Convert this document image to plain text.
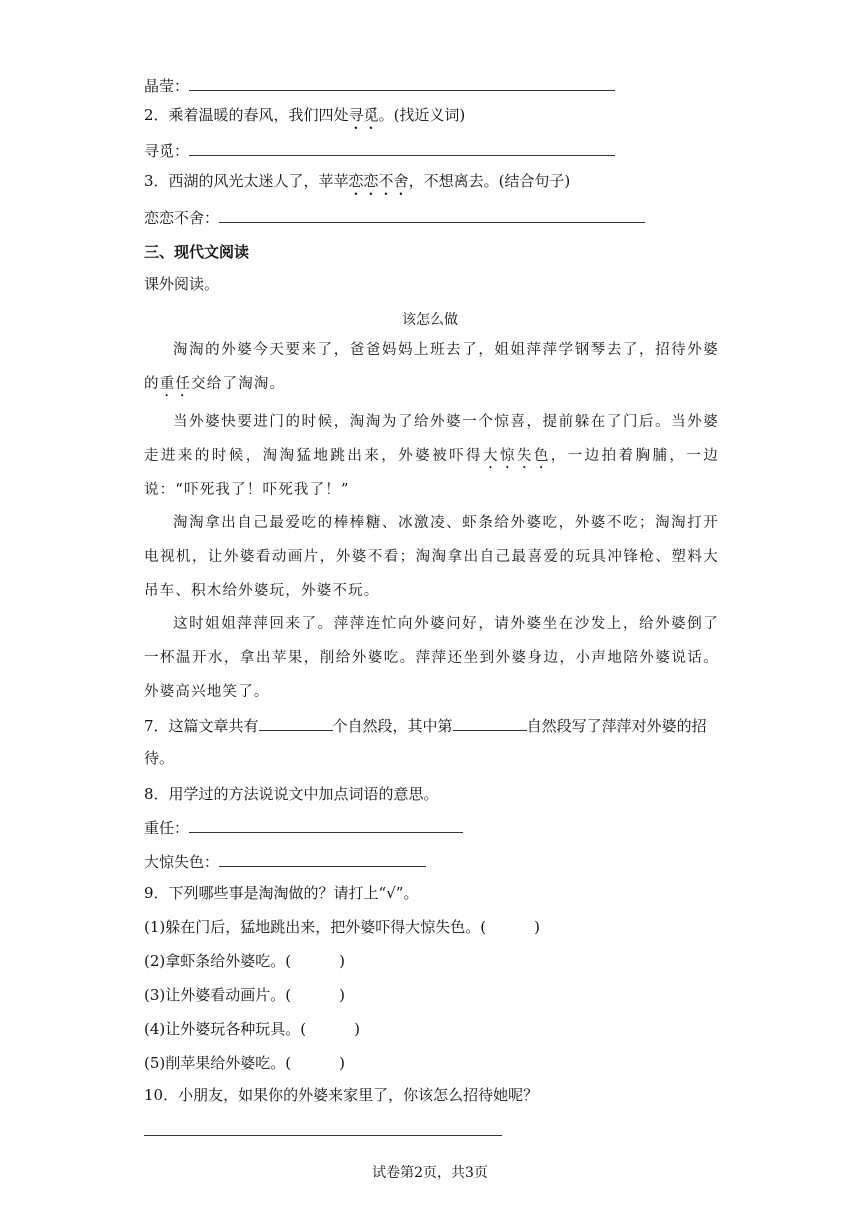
晶莹：
2．乘着温暖的春风，我们四处寻觅。(找近义词)
寻觅：
3．西湖的风光太迷人了，苹苹恋恋不舍，不想离去。(结合句子)
恋恋不舍：
三、现代文阅读
课外阅读。
该怎么做
淘淘的外婆今天要来了，爸爸妈妈上班去了，姐姐萍萍学钢琴去了，招待外婆的重任交给了淘淘。
当外婆快要进门的时候，淘淘为了给外婆一个惊喜，提前躲在了门后。当外婆走进来的时候，淘淘猛地跳出来，外婆被吓得大惊失色，一边拍着胸脯，一边说：“吓死我了！吓死我了！”
淘淘拿出自己最爱吃的棒棒糖、冰激凌、虾条给外婆吃，外婆不吃；淘淘打开电视机，让外婆看动画片，外婆不看；淘淘拿出自己最喜爱的玩具冲锋枪、塑料大吊车、积木给外婆玩，外婆不玩。
这时姐姐萍萍回来了。萍萍连忙向外婆问好，请外婆坐在沙发上，给外婆倒了一杯温开水，拿出苹果，削给外婆吃。萍萍还坐到外婆身边，小声地陪外婆说话。外婆高兴地笑了。
7．这篇文章共有	个自然段，其中第	自然段写了萍萍对外婆的招
待。
8．用学过的方法说说文中加点词语的意思。
重任：
大惊失色：
9．下列哪些事是淘淘做的？请打上“√”。
(1)躲在门后，猛地跳出来，把外婆吓得大惊失色。(	)
(2)拿虾条给外婆吃。(	)
(3)让外婆看动画片。(	)
(4)让外婆玩各种玩具。(	)
(5)削苹果给外婆吃。(	)
10．小朋友，如果你的外婆来家里了，你该怎么招待她呢？
试卷第2页，共3页
